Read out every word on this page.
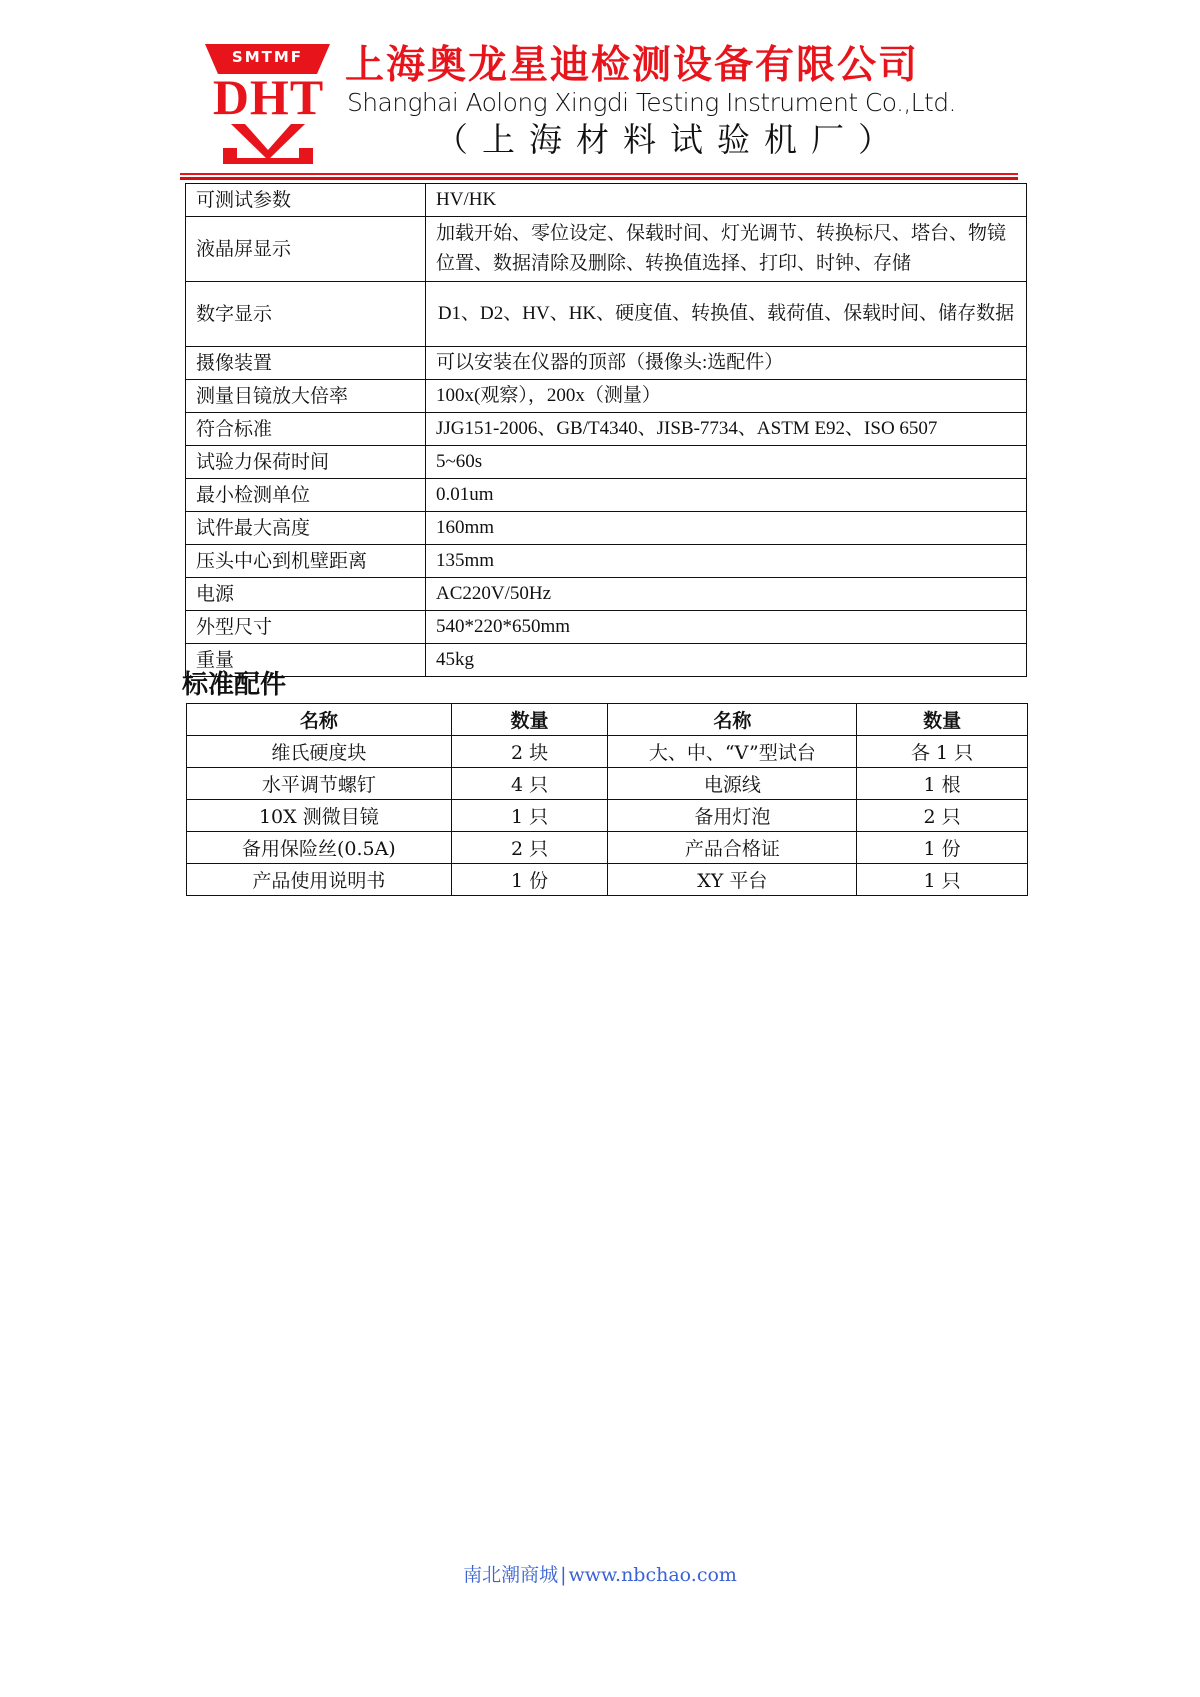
SMTMF
DHT
上海奥龙星迪检测设备有限公司
Shanghai Aolong Xingdi Testing Instrument Co.,Ltd.
（上海材料试验机厂）
可测试参数	HV/HK
液晶屏显示	加载开始、零位设定、保载时间、灯光调节、转换标尺、塔台、物镜位置、数据清除及删除、转换值选择、打印、时钟、存储
数字显示	D1、D2、HV、HK、硬度值、转换值、载荷值、保载时间、储存数据
摄像装置	可以安装在仪器的顶部（摄像头:选配件）
测量目镜放大倍率	100x(观察），200x（测量）
符合标准	JJG151-2006、GB/T4340、JISB-7734、ASTM E92、ISO 6507
试验力保荷时间	5~60s
最小检测单位	0.01um
试件最大高度	160mm
压头中心到机壁距离	135mm
电源	AC220V/50Hz
外型尺寸	540*220*650mm
重量	45kg
标准配件
名称	数量	名称	数量
维氏硬度块	2 块	大、中、“V”型试台	各 1 只
水平调节螺钉	4 只	电源线	1 根
10X 测微目镜	1 只	备用灯泡	2 只
备用保险丝(0.5A)	2 只	产品合格证	1 份
产品使用说明书	1 份	XY 平台	1 只
南北潮商城 | www.nbchao.com
